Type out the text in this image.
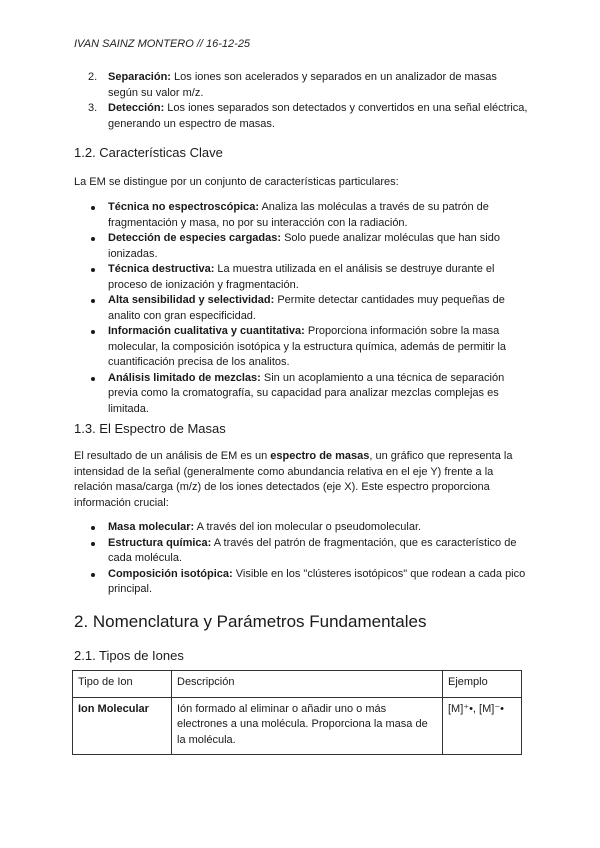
IVAN SAINZ MONTERO // 16-12-25
2. Separación: Los iones son acelerados y separados en un analizador de masas según su valor m/z.
3. Detección: Los iones separados son detectados y convertidos en una señal eléctrica, generando un espectro de masas.
1.2. Características Clave

La EM se distingue por un conjunto de características particulares:

Técnica no espectroscópica: Analiza las moléculas a través de su patrón de fragmentación y masa, no por su interacción con la radiación.
Detección de especies cargadas: Solo puede analizar moléculas que han sido ionizadas.
Técnica destructiva: La muestra utilizada en el análisis se destruye durante el proceso de ionización y fragmentación.
Alta sensibilidad y selectividad: Permite detectar cantidades muy pequeñas de analito con gran especificidad.
Información cualitativa y cuantitativa: Proporciona información sobre la masa molecular, la composición isotópica y la estructura química, además de permitir la cuantificación precisa de los analitos.
Análisis limitado de mezclas: Sin un acoplamiento a una técnica de separación previa como la cromatografía, su capacidad para analizar mezclas complejas es limitada.
1.3. El Espectro de Masas

El resultado de un análisis de EM es un espectro de masas, un gráfico que representa la intensidad de la señal (generalmente como abundancia relativa en el eje Y) frente a la relación masa/carga (m/z) de los iones detectados (eje X). Este espectro proporciona información crucial:

Masa molecular: A través del ion molecular o pseudomolecular.
Estructura química: A través del patrón de fragmentación, que es característico de cada molécula.
Composición isotópica: Visible en los "clústeres isotópicos" que rodean a cada pico principal.
2. Nomenclatura y Parámetros Fundamentales
2.1. Tipos de Iones
Tipo de Ion	Descripción	Ejemplo
Ion Molecular	Ión formado al eliminar o añadir uno o más electrones a una molécula. Proporciona la masa de la molécula.	[M]⁺•, [M]⁻•
